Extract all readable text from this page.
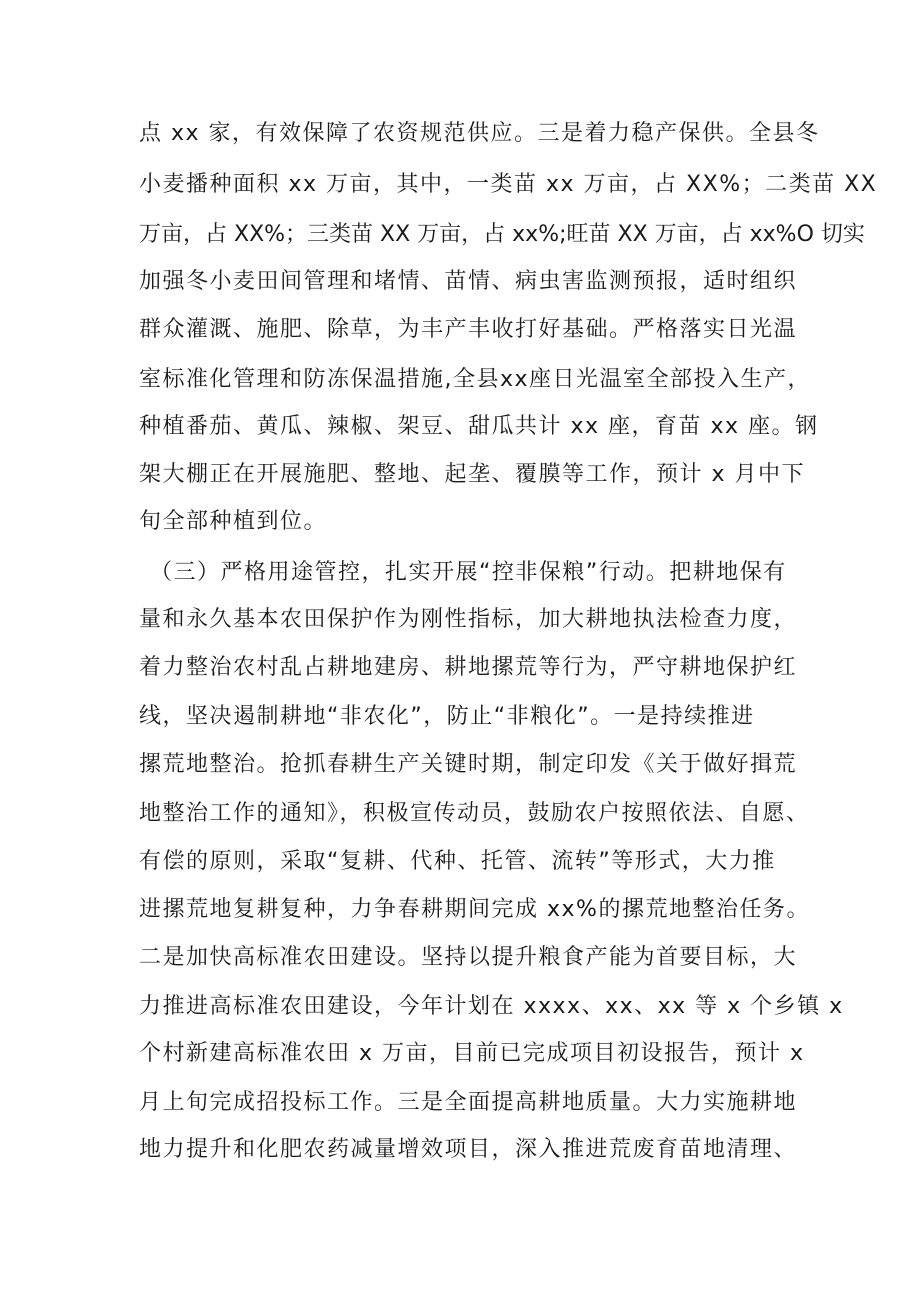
点 xx 家，有效保障了农资规范供应。三是着力稳产保供。全县冬
小麦播种面积 xx 万亩，其中，一类苗 xx 万亩，占 XX%；二类苗 XX
万亩，占 XX%；三类苗 XX 万亩，占 xx%;旺苗 XX 万亩，占 xx%O 切实
加强冬小麦田间管理和堵情、苗情、病虫害监测预报，适时组织
群众灌溉、施肥、除草，为丰产丰收打好基础。严格落实日光温
室标准化管理和防冻保温措施,全县xx座日光温室全部投入生产，
种植番茄、黄瓜、辣椒、架豆、甜瓜共计 xx 座，育苗 xx 座。钢
架大棚正在开展施肥、整地、起垄、覆膜等工作，预计 x 月中下
旬全部种植到位。
（三）严格用途管控，扎实开展“控非保粮”行动。把耕地保有
量和永久基本农田保护作为刚性指标，加大耕地执法检查力度，
着力整治农村乱占耕地建房、耕地摞荒等行为，严守耕地保护红
线，坚决遏制耕地“非农化”，防止“非粮化”。一是持续推进
摞荒地整治。抢抓春耕生产关键时期，制定印发《关于做好揖荒
地整治工作的通知》，积极宣传动员，鼓励农户按照依法、自愿、
有偿的原则，采取“复耕、代种、托管、流转”等形式，大力推
进摞荒地复耕复种，力争春耕期间完成 xx%的摞荒地整治任务。
二是加快高标准农田建设。坚持以提升粮食产能为首要目标，大
力推进高标准农田建设，今年计划在 xxxx、xx、xx 等 x 个乡镇 x
个村新建高标准农田 x 万亩，目前已完成项目初设报告，预计 x
月上旬完成招投标工作。三是全面提高耕地质量。大力实施耕地
地力提升和化肥农药减量增效项目，深入推进荒废育苗地清理、
